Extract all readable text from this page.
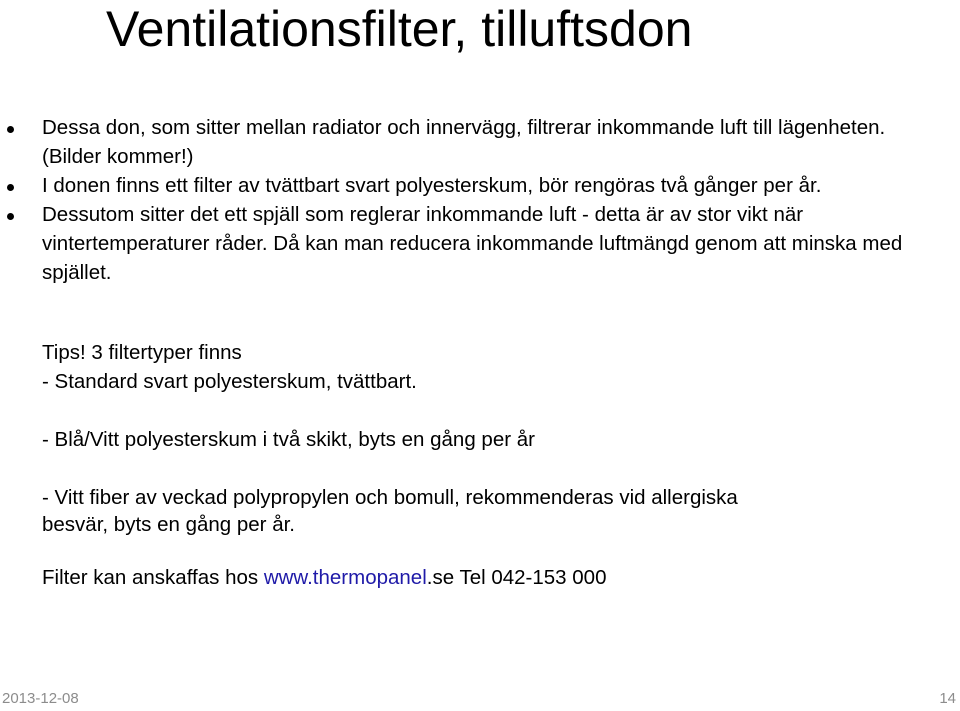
Ventilationsfilter, tilluftsdon
Dessa don, som sitter mellan radiator och innervägg, filtrerar inkommande luft till lägenheten. (Bilder kommer!)
I donen finns ett filter av tvättbart svart polyesterskum, bör rengöras två gånger per år.
Dessutom sitter det ett spjäll som reglerar inkommande luft - detta är av stor vikt när vintertemperaturer råder. Då kan man reducera inkommande luftmängd genom att minska med spjället.
Tips! 3 filtertyper finns
- Standard svart polyesterskum, tvättbart.
- Blå/Vitt polyesterskum i två skikt, byts en gång per år
- Vitt fiber av veckad polypropylen och bomull, rekommenderas vid allergiska
besvär, byts en gång per år.
Filter kan anskaffas hos www.thermopanel.se Tel 042-153 000
2013-12-08	14
